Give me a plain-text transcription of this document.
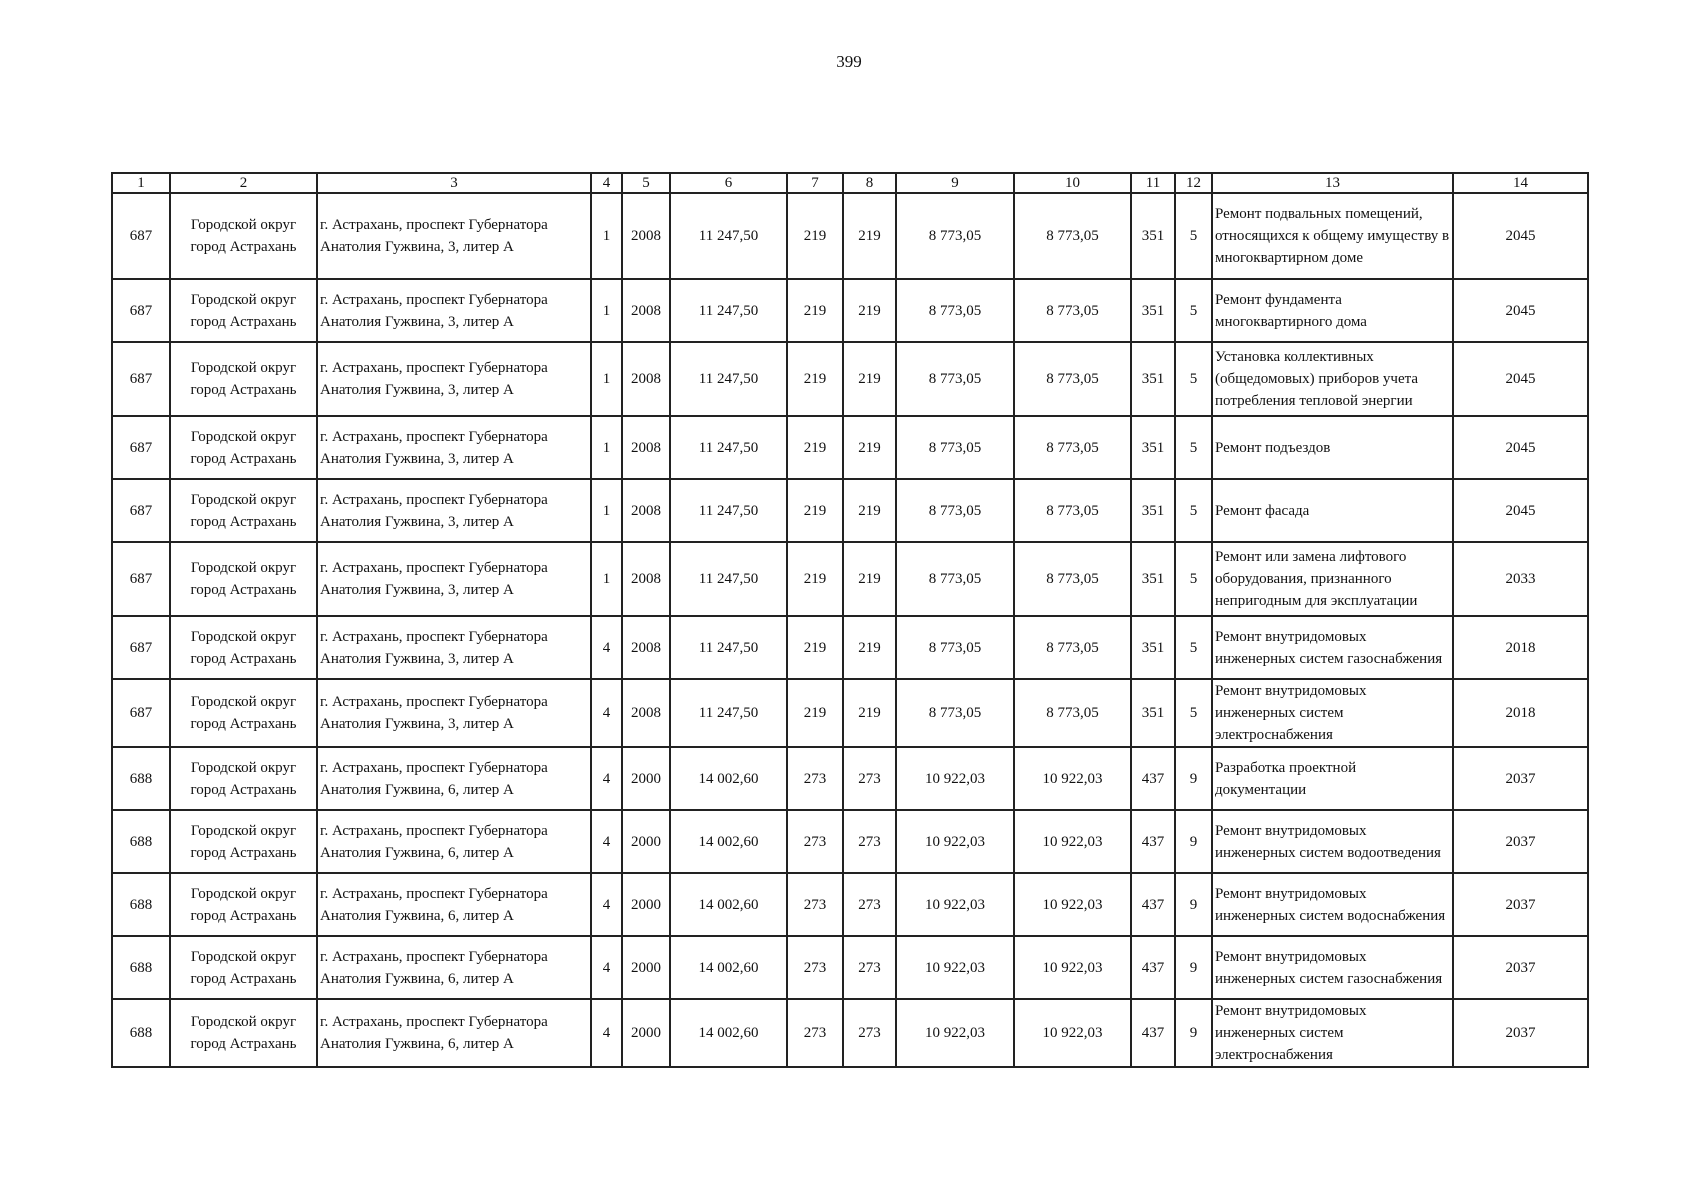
399
1	2	3	4	5	6	7	8	9	10	11	12	13	14
687	Городской округ город Астрахань	г. Астрахань, проспект Губернатора Анатолия Гужвина, 3, литер А	1	2008	11 247,50	219	219	8 773,05	8 773,05	351	5	Ремонт подвальных помещений, относящихся к общему имуществу в многоквартирном доме	2045
687	Городской округ город Астрахань	г. Астрахань, проспект Губернатора Анатолия Гужвина, 3, литер А	1	2008	11 247,50	219	219	8 773,05	8 773,05	351	5	Ремонт фундамента многоквартирного дома	2045
687	Городской округ город Астрахань	г. Астрахань, проспект Губернатора Анатолия Гужвина, 3, литер А	1	2008	11 247,50	219	219	8 773,05	8 773,05	351	5	Установка коллективных (общедомовых) приборов учета потребления тепловой энергии	2045
687	Городской округ город Астрахань	г. Астрахань, проспект Губернатора Анатолия Гужвина, 3, литер А	1	2008	11 247,50	219	219	8 773,05	8 773,05	351	5	Ремонт подъездов	2045
687	Городской округ город Астрахань	г. Астрахань, проспект Губернатора Анатолия Гужвина, 3, литер А	1	2008	11 247,50	219	219	8 773,05	8 773,05	351	5	Ремонт фасада	2045
687	Городской округ город Астрахань	г. Астрахань, проспект Губернатора Анатолия Гужвина, 3, литер А	1	2008	11 247,50	219	219	8 773,05	8 773,05	351	5	Ремонт или замена лифтового оборудования, признанного непригодным для эксплуатации	2033
687	Городской округ город Астрахань	г. Астрахань, проспект Губернатора Анатолия Гужвина, 3, литер А	4	2008	11 247,50	219	219	8 773,05	8 773,05	351	5	Ремонт внутридомовых инженерных систем газоснабжения	2018
687	Городской округ город Астрахань	г. Астрахань, проспект Губернатора Анатолия Гужвина, 3, литер А	4	2008	11 247,50	219	219	8 773,05	8 773,05	351	5	Ремонт внутридомовых инженерных систем электроснабжения	2018
688	Городской округ город Астрахань	г. Астрахань, проспект Губернатора Анатолия Гужвина, 6, литер А	4	2000	14 002,60	273	273	10 922,03	10 922,03	437	9	Разработка проектной документации	2037
688	Городской округ город Астрахань	г. Астрахань, проспект Губернатора Анатолия Гужвина, 6, литер А	4	2000	14 002,60	273	273	10 922,03	10 922,03	437	9	Ремонт внутридомовых инженерных систем водоотведения	2037
688	Городской округ город Астрахань	г. Астрахань, проспект Губернатора Анатолия Гужвина, 6, литер А	4	2000	14 002,60	273	273	10 922,03	10 922,03	437	9	Ремонт внутридомовых инженерных систем водоснабжения	2037
688	Городской округ город Астрахань	г. Астрахань, проспект Губернатора Анатолия Гужвина, 6, литер А	4	2000	14 002,60	273	273	10 922,03	10 922,03	437	9	Ремонт внутридомовых инженерных систем газоснабжения	2037
688	Городской округ город Астрахань	г. Астрахань, проспект Губернатора Анатолия Гужвина, 6, литер А	4	2000	14 002,60	273	273	10 922,03	10 922,03	437	9	Ремонт внутридомовых инженерных систем электроснабжения	2037
